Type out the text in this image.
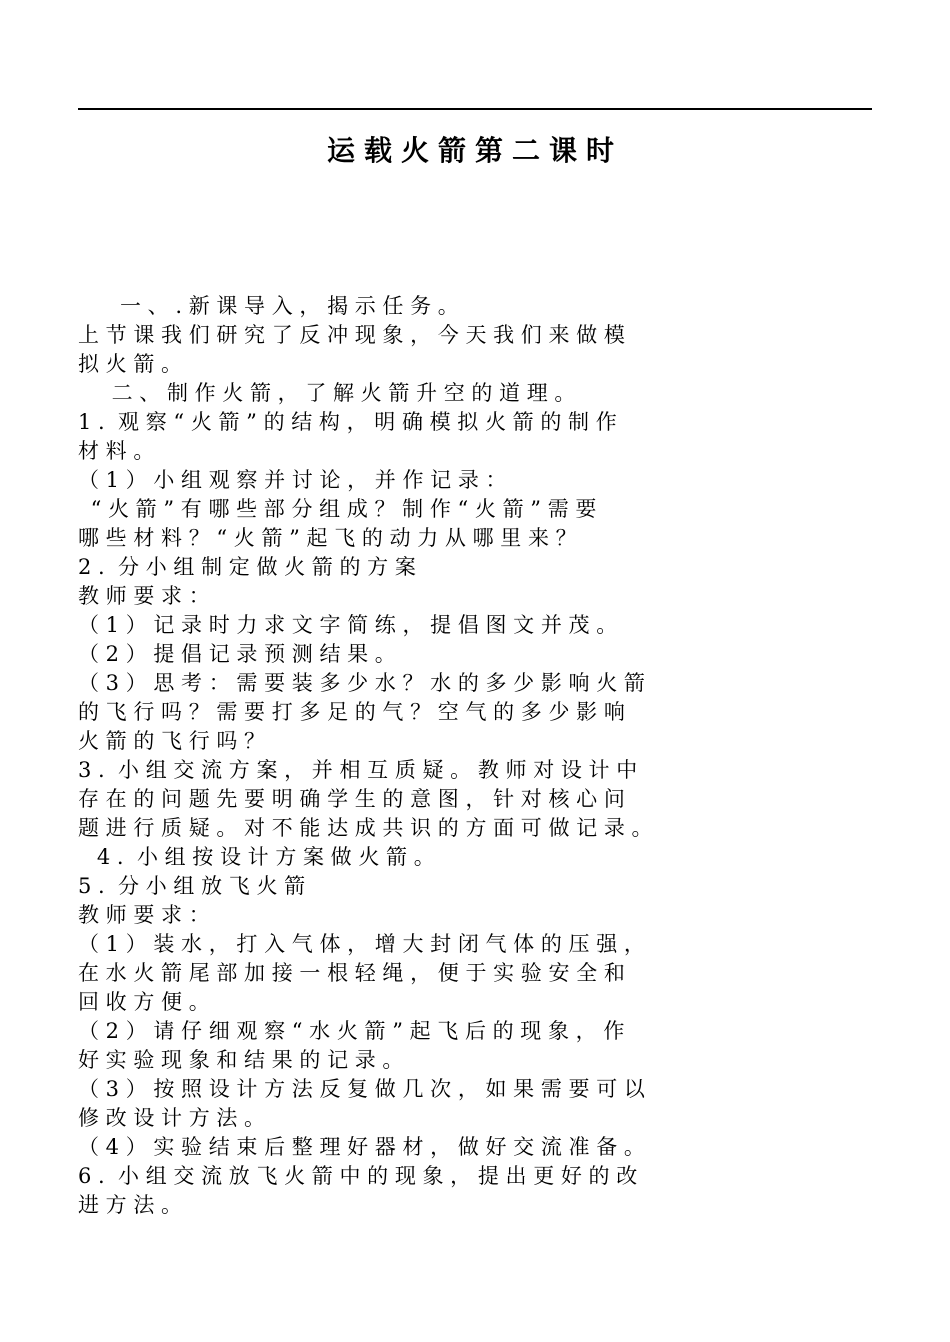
运载火箭第二课时
一 、 . 新 课 导 入 ， 揭 示 任 务 。
上 节 课 我 们 研 究 了 反 冲 现 象 ， 今 天 我 们 来 做 模
拟 火 箭 。
二 、 制 作 火 箭 ， 了 解 火 箭 升 空 的 道 理 。
1 .  观 察 “ 火 箭 ” 的 结 构 ， 明 确 模 拟 火 箭 的 制 作
材 料 。
（ 1 ） 小 组 观 察 并 讨 论 ， 并 作 记 录 ：
“ 火 箭 ” 有 哪 些 部 分 组 成 ？ 制 作 “ 火 箭 ” 需 要
哪 些 材 料 ？ “ 火 箭 ” 起 飞 的 动 力 从 哪 里 来 ？
2 .  分 小 组 制 定 做 火 箭 的 方 案
教 师 要 求 ：
（ 1 ） 记 录 时 力 求 文 字 简 练 ， 提 倡 图 文 并 茂 。
（ 2 ） 提 倡 记 录 预 测 结 果 。
（ 3 ） 思 考 ： 需 要 装 多 少 水 ？ 水 的 多 少 影 响 火 箭
的 飞 行 吗 ？ 需 要 打 多 足 的 气 ？ 空 气 的 多 少 影 响
火 箭 的 飞 行 吗 ？
3 .  小 组 交 流 方 案 ， 并 相 互 质 疑 。 教 师 对 设 计 中
存 在 的 问 题 先 要 明 确 学 生 的 意 图 ， 针 对 核 心 问
题 进 行 质 疑 。 对 不 能 达 成 共 识 的 方 面 可 做 记 录 。
4 .  小 组 按 设 计 方 案 做 火 箭 。
5 .  分 小 组 放 飞 火 箭
教 师 要 求 ：
（ 1 ） 装 水 ， 打 入 气 体 ， 增 大 封 闭 气 体 的 压 强 ，
在 水 火 箭 尾 部 加 接 一 根 轻 绳 ， 便 于 实 验 安 全 和
回 收 方 便 。
（ 2 ） 请 仔 细 观 察 “ 水 火 箭 ” 起 飞 后 的 现 象 ， 作
好 实 验 现 象 和 结 果 的 记 录 。
（ 3 ） 按 照 设 计 方 法 反 复 做 几 次 ， 如 果 需 要 可 以
修 改 设 计 方 法 。
（ 4 ） 实 验 结 束 后 整 理 好 器 材 ， 做 好 交 流 准 备 。
6 .  小 组 交 流 放 飞 火 箭 中 的 现 象 ， 提 出 更 好 的 改
进 方 法 。
